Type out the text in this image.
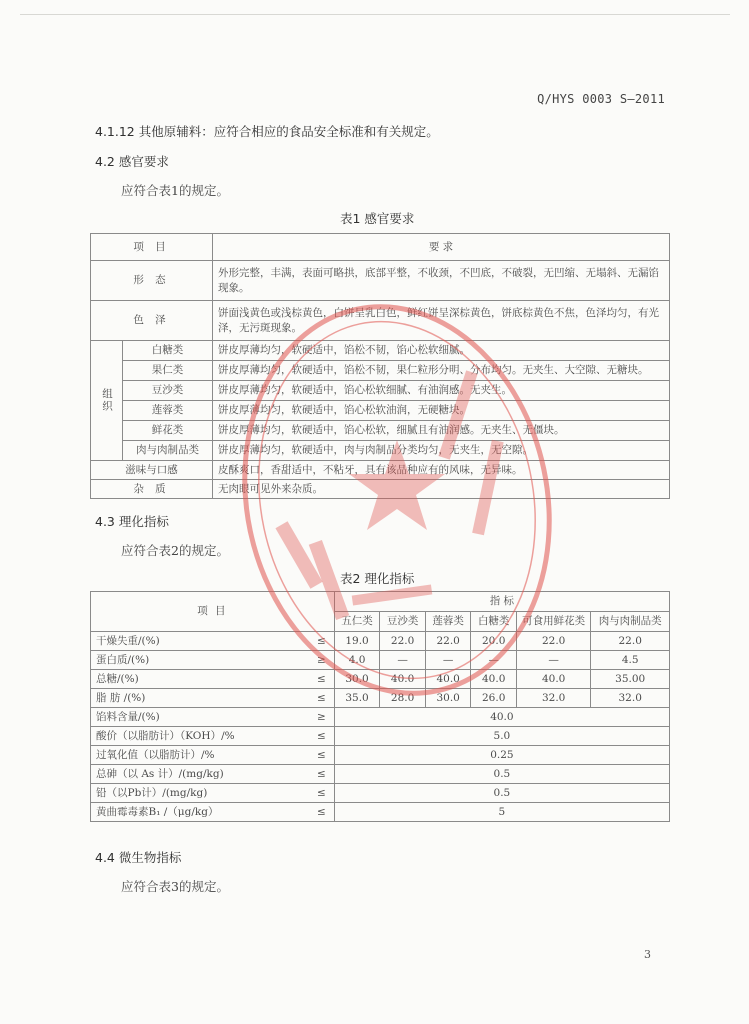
Q/HYS 0003 S—2011
4.1.12 其他原辅料：应符合相应的食品安全标准和有关规定。
4.2 感官要求
应符合表1的规定。
表1 感官要求
项 目		要 求
形 态		外形完整，丰满，表面可略拱，底部平整，不收颈，不凹底，不破裂，无凹缩、无塌斜、无漏馅现象。
色 泽		饼面浅黄色或浅棕黄色，白饼呈乳白色，鲜红饼呈深棕黄色，饼底棕黄色不焦，色泽均匀，有光泽，无污斑现象。
组织	白糖类	饼皮厚薄均匀，软硬适中，馅松不韧，馅心松软细腻。
	果仁类	饼皮厚薄均匀，软硬适中，馅松不韧，果仁粒形分明、分布均匀。无夹生、大空隙、无糖块。
	豆沙类	饼皮厚薄均匀，软硬适中，馅心松软细腻、有油润感。无夹生。
	莲蓉类	饼皮厚薄均匀，软硬适中，馅心松软油润，无硬糖块。
	鲜花类	饼皮厚薄均匀，软硬适中，馅心松软，细腻且有油润感。无夹生、无僵块。
	肉与肉制品类	饼皮厚薄均匀，软硬适中，肉与肉制品分类均匀，无夹生，无空隙。
滋味与口感		皮酥爽口，香甜适中，不粘牙，具有该品种应有的风味，无异味。
杂 质		无肉眼可见外来杂质。
4.3 理化指标
应符合表2的规定。
表2 理化指标
项 目		指 标					
		五仁类	豆沙类	莲蓉类	白糖类	可食用鲜花类	肉与肉制品类
干燥失重/(%)	≤	19.0	22.0	22.0	20.0	22.0	22.0
蛋白质/(%)	≥	4.0	—	—	—	—	4.5
总糖/(%)	≤	30.0	40.0	40.0	40.0	40.0	35.00
脂 肪 /(%)	≤	35.0	28.0	30.0	26.0	32.0	32.0
馅料含量/(%)	≥	40.0					
酸价（以脂肪计）（KOH）/%	≤	5.0					
过氧化值（以脂肪计）/%	≤	0.25					
总砷（以 As 计）/(mg/kg)	≤	0.5					
铅（以Pb计）/(mg/kg)	≤	0.5					
黄曲霉毒素B₁ /（μg/kg）	≤	5					
4.4 微生物指标
应符合表3的规定。
3
